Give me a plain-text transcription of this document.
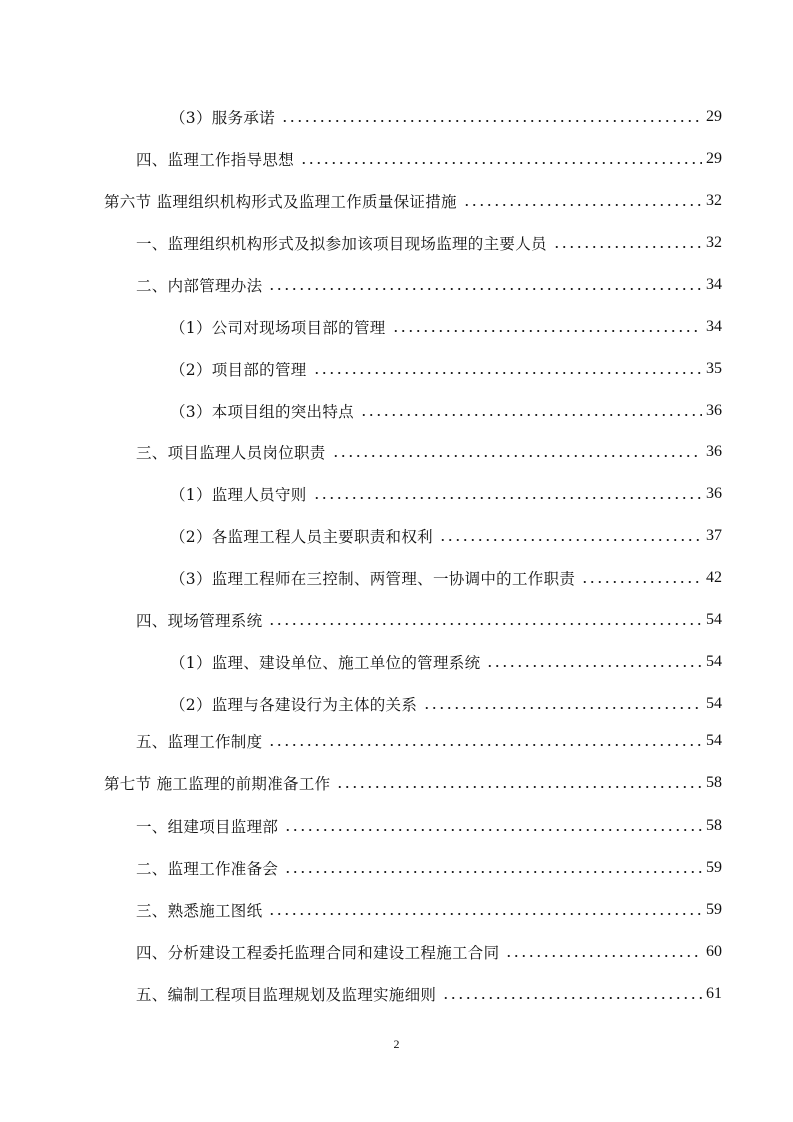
（3）服务承诺	29
四、监理工作指导思想	29
第六节 监理组织机构形式及监理工作质量保证措施	32
一、监理组织机构形式及拟参加该项目现场监理的主要人员	32
二、内部管理办法	34
（1）公司对现场项目部的管理	34
（2）项目部的管理	35
（3）本项目组的突出特点	36
三、项目监理人员岗位职责	36
（1）监理人员守则	36
（2）各监理工程人员主要职责和权利	37
（3）监理工程师在三控制、两管理、一协调中的工作职责	42
四、现场管理系统	54
（1）监理、建设单位、施工单位的管理系统	54
（2）监理与各建设行为主体的关系	54
五、监理工作制度	54
第七节 施工监理的前期准备工作	58
一、组建项目监理部	58
二、监理工作准备会	59
三、熟悉施工图纸	59
四、分析建设工程委托监理合同和建设工程施工合同	60
五、编制工程项目监理规划及监理实施细则	61
2
